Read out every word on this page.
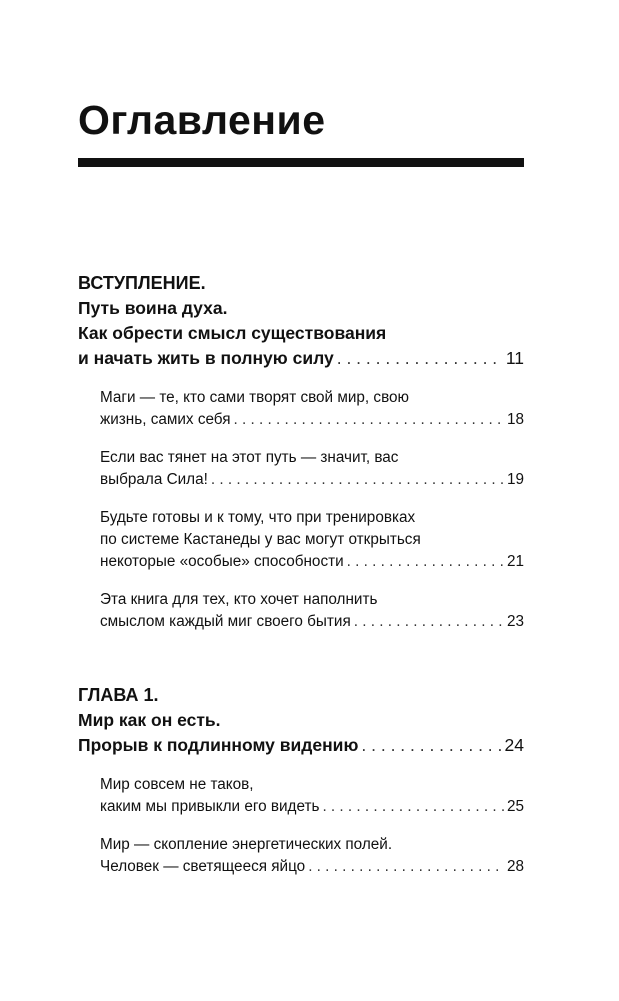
Оглавление
ВСТУПЛЕНИЕ.
Путь воина духа.
Как обрести смысл существования
и начать жить в полную силу . . .	11
Маги — те, кто сами творят свой мир, свою
жизнь, самих себя . . .	18
Если вас тянет на этот путь — значит, вас
выбрала Сила! . . .	19
Будьте готовы и к тому, что при тренировках
по системе Кастанеды у вас могут открыться
некоторые «особые» способности . . .	21
Эта книга для тех, кто хочет наполнить
смыслом каждый миг своего бытия . . .	23
ГЛАВА 1.
Мир как он есть.
Прорыв к подлинному видению . . .	24
Мир совсем не таков,
каким мы привыкли его видеть . . .	25
Мир — скопление энергетических полей.
Человек — светящееся яйцо . . .	28
